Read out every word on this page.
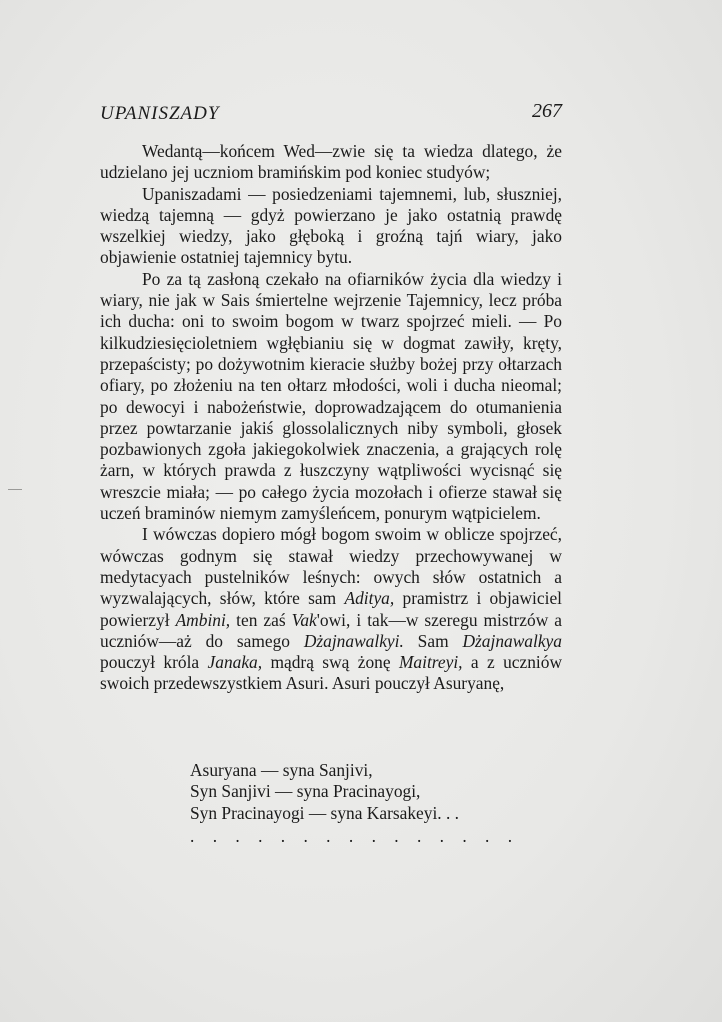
UPANISZADY	267

Wedantą—końcem Wed—zwie się ta wiedza dlatego, że udzielano jej uczniom bramińskim pod koniec studyów;

Upaniszadami — posiedzeniami tajemnemi, lub, słuszniej, wiedzą tajemną — gdyż powierzano je jako ostatnią prawdę wszelkiej wiedzy, jako głęboką i groźną tajń wiary, jako objawienie ostatniej tajemnicy bytu.

Po za tą zasłoną czekało na ofiarników życia dla wiedzy i wiary, nie jak w Sais śmiertelne wejrzenie Tajemnicy, lecz próba ich ducha: oni to swoim bogom w twarz spojrzeć mieli. — Po kilkudziesięcioletniem wgłębianiu się w dogmat zawiły, kręty, przepaścisty; po dożywotnim kieracie służby bożej przy ołtarzach ofiary, po złożeniu na ten ołtarz młodości, woli i ducha nieomal; po dewocyi i nabożeństwie, doprowadzającem do otumanienia przez powtarzanie jakiś glossolalicznych niby symboli, głosek pozbawionych zgoła jakiegokolwiek znaczenia, a grających rolę żarn, w których prawda z łuszczyny wątpliwości wycisnąć się wreszcie miała; — po całego życia mozołach i ofierze stawał się uczeń braminów niemym zamyśleńcem, ponurym wątpicielem.

I wówczas dopiero mógł bogom swoim w oblicze spojrzeć, wówczas godnym się stawał wiedzy przechowywanej w medytacyach pustelników leśnych: owych słów ostatnich a wyzwalających, słów, które sam Aditya, pramistrz i objawiciel powierzył Ambini, ten zaś Vak'owi, i tak—w szeregu mistrzów a uczniów—aż do samego Dżajnawalkyi. Sam Dżajnawalkya pouczył króla Janaka, mądrą swą żonę Maitreyi, a z uczniów swoich przedewszystkiem Asuri. Asuri pouczył Asuryanę,

Asuryana — syna Sanjivi,
Syn Sanjivi — syna Pracinayogi,
Syn Pracinayogi — syna Karsakeyi. . .
. . . . . . . . . . . . . . .
